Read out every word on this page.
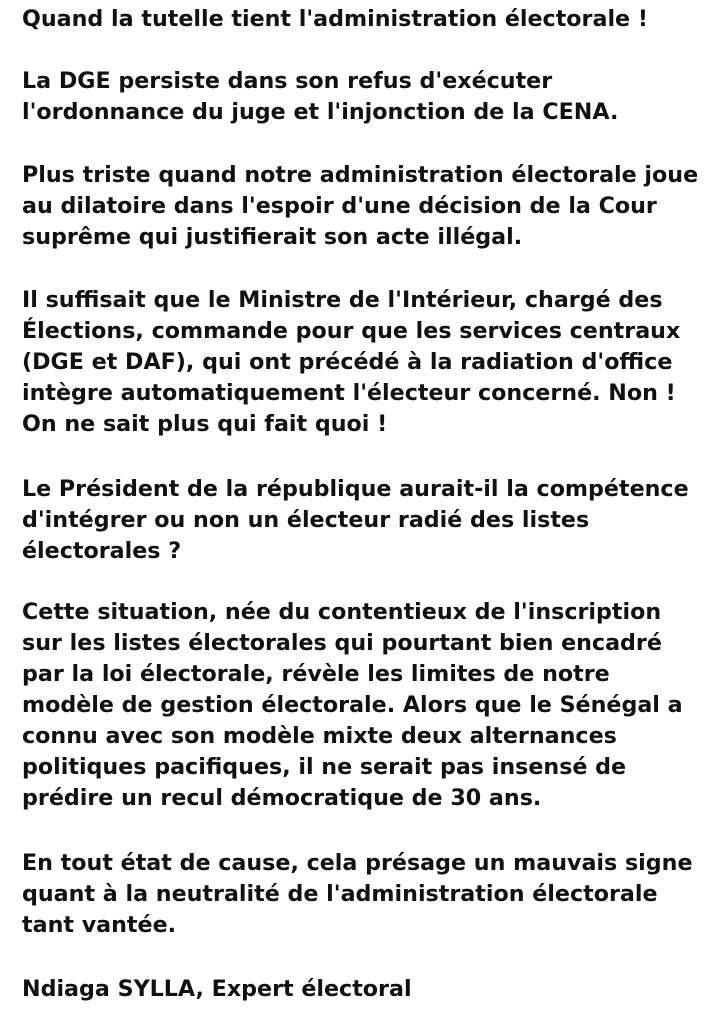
Quand la tutelle tient l'administration électorale !

La DGE persiste dans son refus d'exécuter
l'ordonnance du juge et l'injonction de la CENA.

Plus triste quand notre administration électorale joue
au dilatoire dans l'espoir d'une décision de la Cour
suprême qui justifierait son acte illégal.

Il suffisait que le Ministre de l'Intérieur, chargé des
Élections, commande pour que les services centraux
(DGE et DAF), qui ont précédé à la radiation d'office
intègre automatiquement l'électeur concerné. Non !
On ne sait plus qui fait quoi !

Le Président de la république aurait-il la compétence
d'intégrer ou non un électeur radié des listes
électorales ?

Cette situation, née du contentieux de l'inscription
sur les listes électorales qui pourtant bien encadré
par la loi électorale, révèle les limites de notre
modèle de gestion électorale. Alors que le Sénégal a
connu avec son modèle mixte deux alternances
politiques pacifiques, il ne serait pas insensé de
prédire un recul démocratique de 30 ans.

En tout état de cause, cela présage un mauvais signe
quant à la neutralité de l'administration électorale
tant vantée.

Ndiaga SYLLA, Expert électoral
